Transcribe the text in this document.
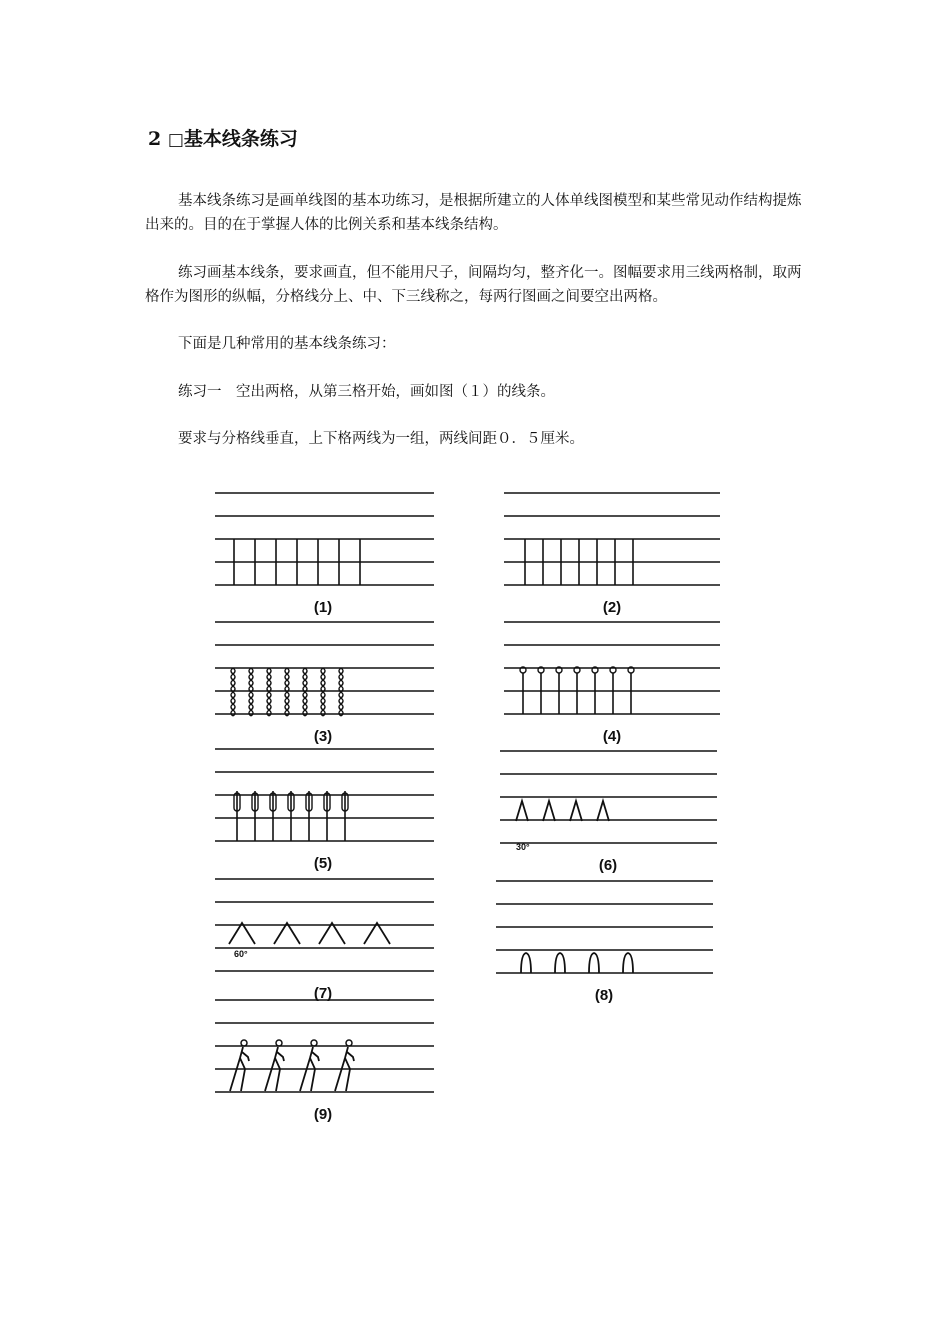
2 □基本线条练习

基本线条练习是画单线图的基本功练习，是根据所建立的人体单线图模型和某些常见动作结构提炼出来的。目的在于掌握人体的比例关系和基本线条结构。

练习画基本线条，要求画直，但不能用尺子，间隔均匀，整齐化一。图幅要求用三线两格制，取两格作为图形的纵幅，分格线分上、中、下三线称之，每两行图画之间要空出两格。

下面是几种常用的基本线条练习：

练习一　空出两格，从第三格开始，画如图（１）的线条。

要求与分格线垂直，上下格两线为一组，两线间距０．５厘米。

(1)	(2)
(3)	(4)
(5)
30°
(6)
60°
(7)	(8)
(9)
